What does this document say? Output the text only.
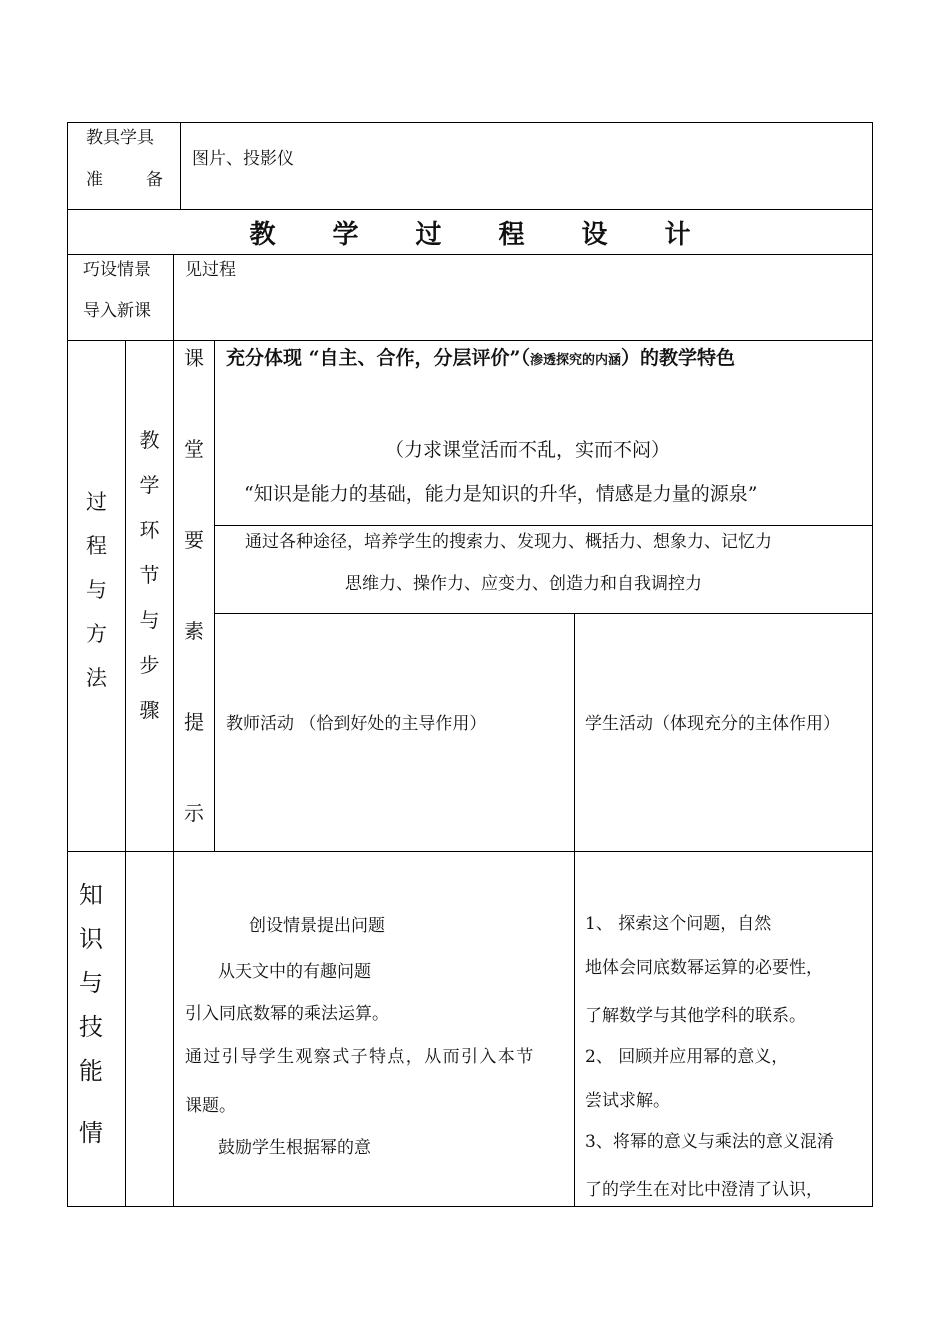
教具学具
准	备
图片、投影仪
教 学 过 程 设 计
巧设情景
导入新课
见过程
过
程
与
方
法
教
学
环
节
与
步
骤
课
堂
要
素
提
示
充分体现 “自主、合作，分层评价”（渗透探究的内涵）的教学特色
（力求课堂活而不乱，实而不闷）
“知识是能力的基础，能力是知识的升华，情感是力量的源泉”
通过各种途径，培养学生的搜索力、发现力、概括力、想象力、记忆力
思维力、操作力、应变力、创造力和自我调控力
教师活动 （恰到好处的主导作用）	学生活动（体现充分的主体作用）
知
识
与
技
能
情
创设情景提出问题
从天文中的有趣问题
引入同底数幂的乘法运算。
通过引导学生观察式子特点，从而引入本节
课题。
鼓励学生根据幂的意
1、 探索这个问题，自然
地体会同底数幂运算的必要性，
了解数学与其他学科的联系。
2、 回顾并应用幂的意义，
尝试求解。
3、将幂的意义与乘法的意义混淆
了的学生在对比中澄清了认识，
